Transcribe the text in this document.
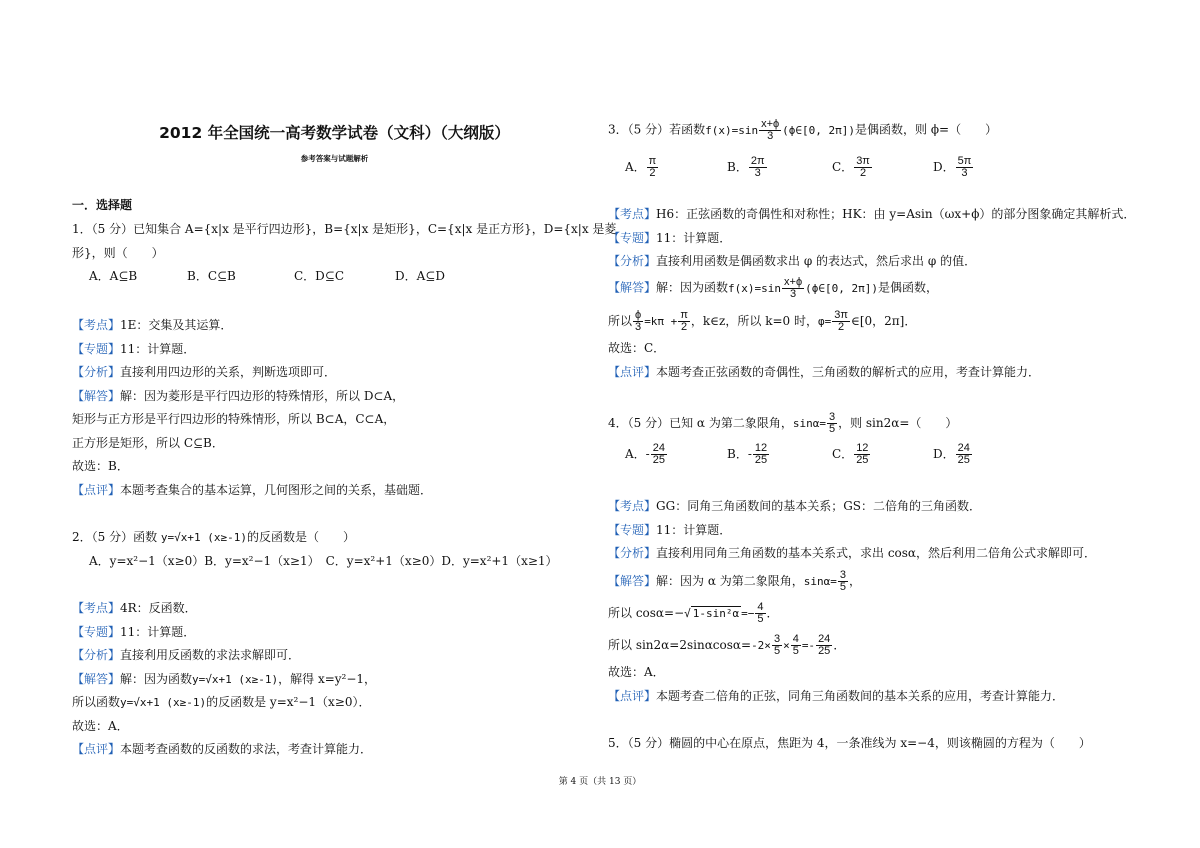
2012 年全国统一高考数学试卷（文科）（大纲版）
参考答案与试题解析
一．选择题
1．（5 分）已知集合 A={x|x 是平行四边形}，B={x|x 是矩形}，C={x|x 是正方形}，D={x|x 是菱
形}，则（　　）
A．A⊆B	B．C⊆B	C．D⊆C	D．A⊆D
【考点】1E：交集及其运算．
【专题】11：计算题．
【分析】直接利用四边形的关系，判断选项即可．
【解答】解：因为菱形是平行四边形的特殊情形，所以 D⊂A，
矩形与正方形是平行四边形的特殊情形，所以 B⊂A，C⊂A，
正方形是矩形，所以 C⊆B．
故选：B．
【点评】本题考查集合的基本运算，几何图形之间的关系，基础题．
2．（5 分）函数 y=√x+1 (x≥-1)的反函数是（　　）
A．y=x²−1（x≥0）B．y=x²−1（x≥1）　C．y=x²+1（x≥0）D．y=x²+1（x≥1）
【考点】4R：反函数．
【专题】11：计算题．
【分析】直接利用反函数的求法求解即可．
【解答】解：因为函数y=√x+1 (x≥-1)，解得 x=y²−1，
所以函数y=√x+1 (x≥-1)的反函数是 y=x²−1（x≥0）．
故选：A．
【点评】本题考查函数的反函数的求法，考查计算能力．
3．（5 分）若函数$f(x)=\sin \frac{x+\phi}{3}$ (ϕ∈[0, 2π])是偶函数，则 ϕ=（　　）
A． $\frac{\pi}{2}$	B． $\frac{2\pi}{3}$	C． $\frac{3\pi}{2}$	D． $\frac{5\pi}{3}$
【考点】H6：正弦函数的奇偶性和对称性；HK：由 y=Asin（ωx+ϕ）的部分图象确定其解析式．
【专题】11：计算题．
【分析】直接利用函数是偶函数求出 φ 的表达式，然后求出 φ 的值．
【解答】解：因为函数$f(x)=\sin \frac{x+\phi}{3}$ (ϕ∈[0, 2π])是偶函数，
所以 $\frac{\phi}{3} =k\pi + \frac{\pi}{2}$ ，k∈z，所以 k=0 时，$\varphi= \frac{3\pi}{2}$ ∈[0，2π]．
故选：C．
【点评】本题考查正弦函数的奇偶性，三角函数的解析式的应用，考查计算能力．
4．（5 分）已知 α 为第二象限角，$\sin\alpha= \frac{3}{5}$ ，则 sin2α=（　　）
A．- $\frac{24}{25}$	B．- $\frac{12}{25}$	C． $\frac{12}{25}$	D． $\frac{24}{25}$
【考点】GG：同角三角函数间的基本关系；GS：二倍角的三角函数．
【专题】11：计算题．
【分析】直接利用同角三角函数的基本关系式，求出 cosα，然后利用二倍角公式求解即可．
【解答】解：因为 α 为第二象限角，$\sin\alpha= \frac{3}{5}$ ，
所以 cosα=−√ $1-\sin^2\alpha =- \frac{4}{5}$ ．
所以 $\sin 2\alpha=2\sin\alpha\cos\alpha=-2\times \frac{3}{5} \times \frac{4}{5} =- \frac{24}{25}$ ．
故选：A．
【点评】本题考查二倍角的正弦，同角三角函数间的基本关系的应用，考查计算能力．
5．（5 分）椭圆的中心在原点，焦距为 4，一条准线为 x=−4，则该椭圆的方程为（　　）
第 4 页（共 13 页）
